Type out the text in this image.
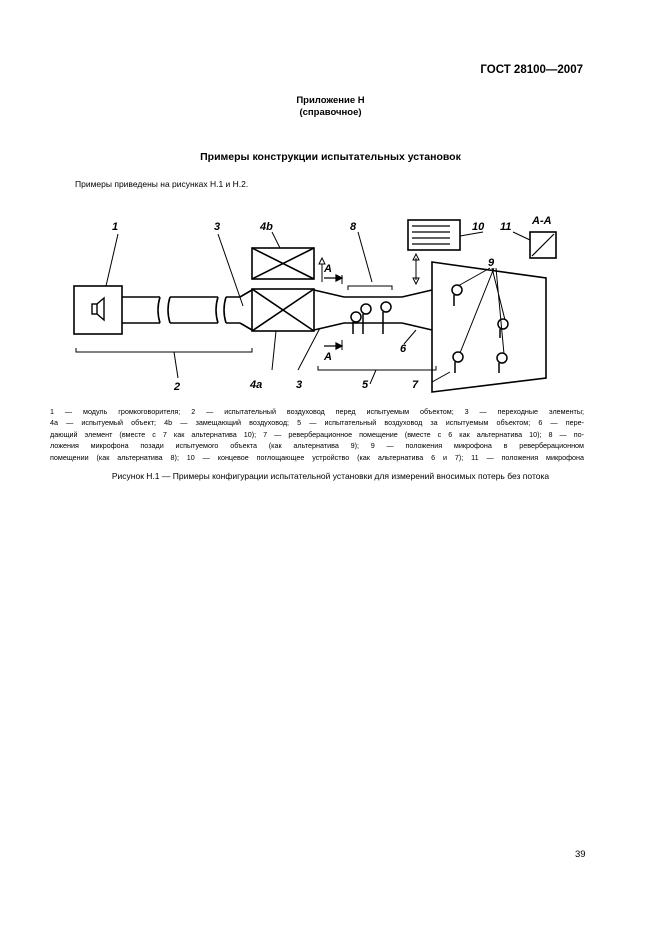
ГОСТ 28100—2007
Приложение Н
(справочное)
Примеры конструкции испытательных установок
Примеры приведены на рисунках Н.1 и Н.2.
1
2
3
3
4a
4b
5
6
7
8
9
10 11
A
A
A-A
1 — модуль громкоговорителя; 2 — испытательный воздуховод перед испытуемым объектом; 3 — переходные элементы;
4a — испытуемый объект; 4b — замещающий воздуховод; 5 — испытательный воздуховод за испытуемым объектом; 6 — пере-
дающий элемент (вместе с 7 как альтернатива 10); 7 — реверберационное помещение (вместе с 6 как альтернатива 10); 8 — по-
ложения микрофона позади испытуемого объекта (как альтернатива 9); 9 — положения микрофона в реверберационном
помещении (как альтернатива 8); 10 — концевое поглощающее устройство (как альтернатива 6 и 7); 11 — положения микрофона
Рисунок Н.1 — Примеры конфигурации испытательной установки для измерений вносимых потерь без потока
39
